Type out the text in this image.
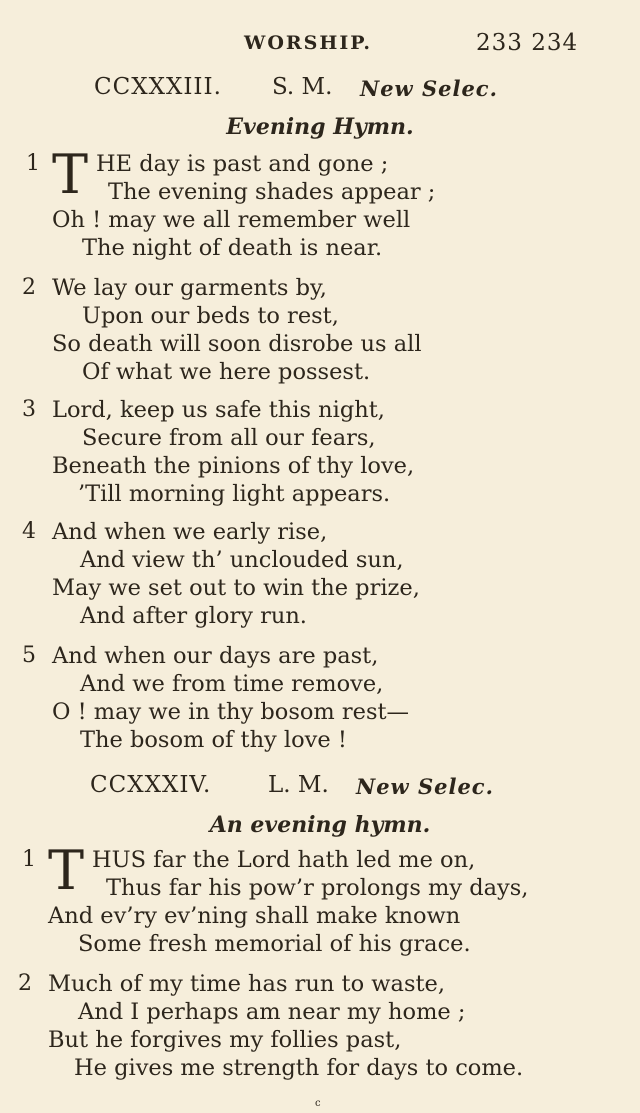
WORSHIP.	233 234
CCXXXIII. S. M. New Selec.
Evening Hymn.
1 T HE day is past and gone ;
The evening shades appear ;
Oh ! may we all remember well
The night of death is near.
2 We lay our garments by,
Upon our beds to rest,
So death will soon disrobe us all
Of what we here possest.
3 Lord, keep us safe this night,
Secure from all our fears,
Beneath the pinions of thy love,
’Till morning light appears.
4 And when we early rise,
And view th’ unclouded sun,
May we set out to win the prize,
And after glory run.
5 And when our days are past,
And we from time remove,
O ! may we in thy bosom rest—
The bosom of thy love !
CCXXXIV. L. M. New Selec.
An evening hymn.
1 T HUS far the Lord hath led me on,
Thus far his pow’r prolongs my days,
And ev’ry ev’ning shall make known
Some fresh memorial of his grace.
2 Much of my time has run to waste,
And I perhaps am near my home ;
But he forgives my follies past,
He gives me strength for days to come.
c
